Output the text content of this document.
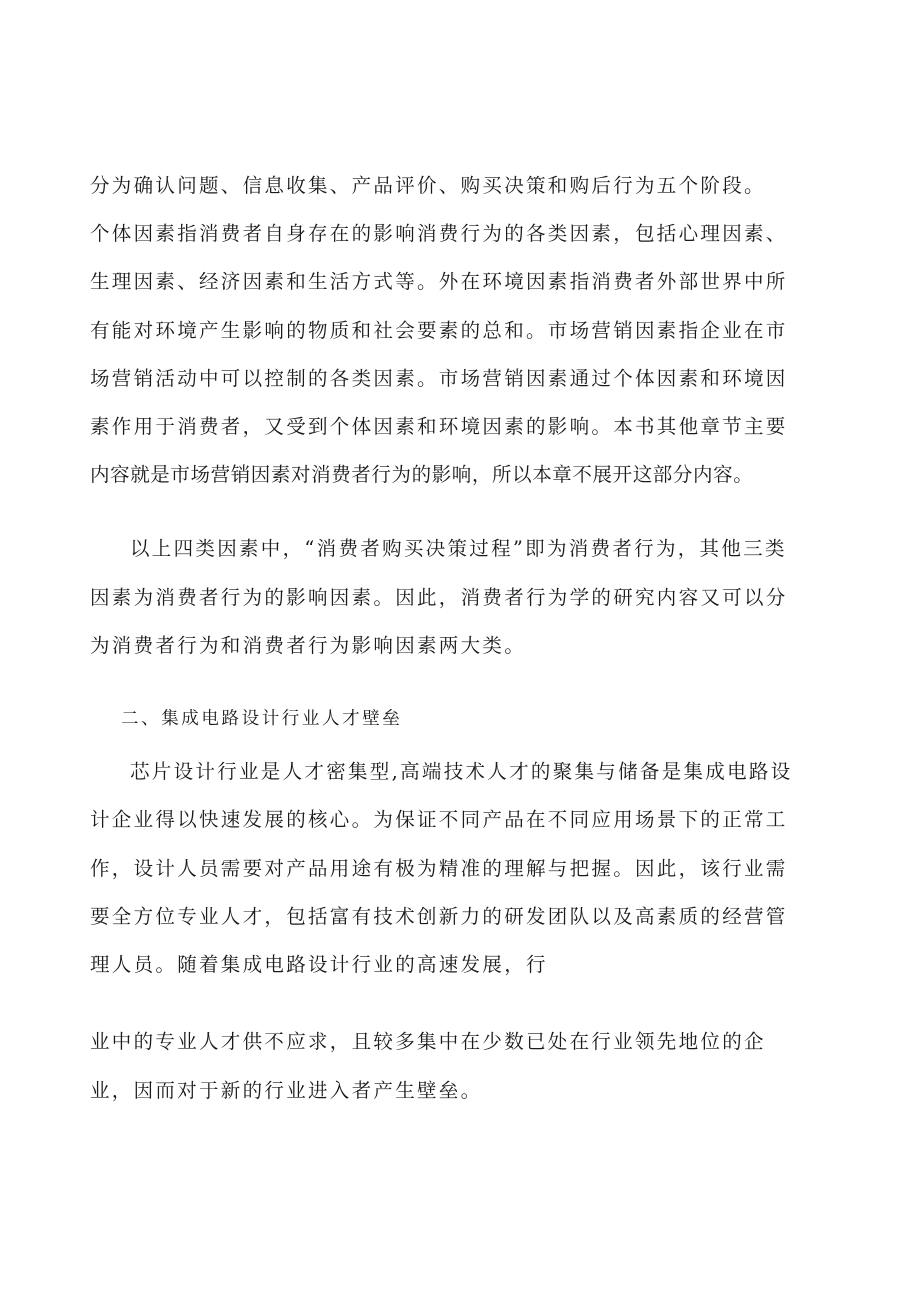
分为确认问题、信息收集、产品评价、购买决策和购后行为五个阶段。
个体因素指消费者自身存在的影响消费行为的各类因素，包括心理因素、
生理因素、经济因素和生活方式等。外在环境因素指消费者外部世界中所
有能对环境产生影响的物质和社会要素的总和。市场营销因素指企业在市
场营销活动中可以控制的各类因素。市场营销因素通过个体因素和环境因
素作用于消费者，又受到个体因素和环境因素的影响。本书其他章节主要
内容就是市场营销因素对消费者行为的影响，所以本章不展开这部分内容。
以上四类因素中，“消费者购买决策过程”即为消费者行为，其他三类
因素为消费者行为的影响因素。因此，消费者行为学的研究内容又可以分
为消费者行为和消费者行为影响因素两大类。
二、集成电路设计行业人才壁垒
芯片设计行业是人才密集型,高端技术人才的聚集与储备是集成电路设
计企业得以快速发展的核心。为保证不同产品在不同应用场景下的正常工
作，设计人员需要对产品用途有极为精准的理解与把握。因此，该行业需
要全方位专业人才，包括富有技术创新力的研发团队以及高素质的经营管
理人员。随着集成电路设计行业的高速发展，行
业中的专业人才供不应求，且较多集中在少数已处在行业领先地位的企
业，因而对于新的行业进入者产生壁垒。
